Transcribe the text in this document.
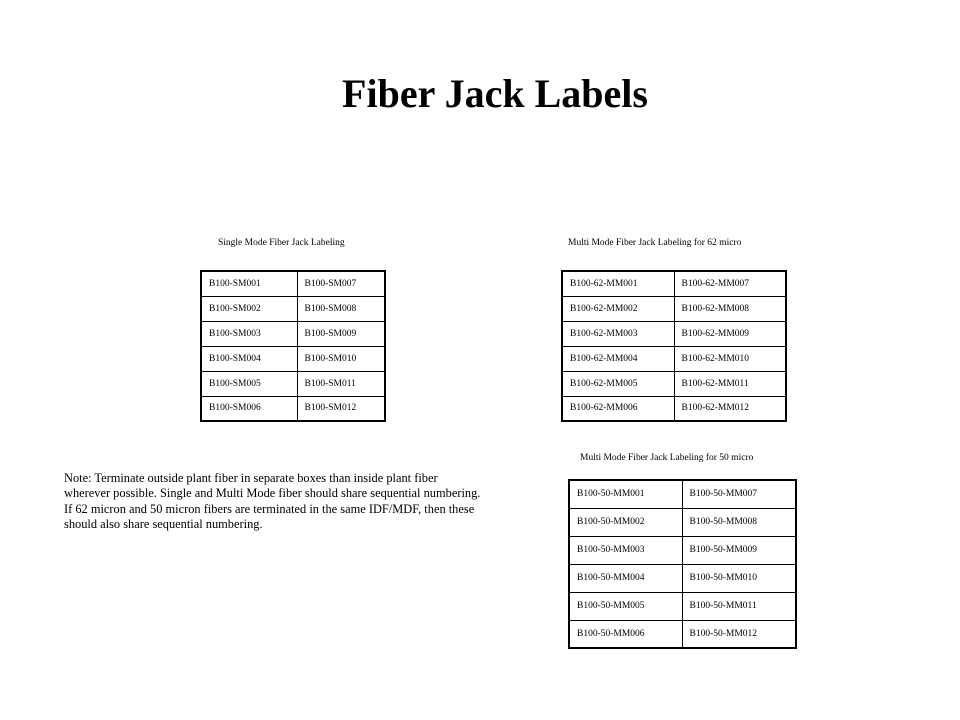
Fiber Jack Labels
Single Mode Fiber Jack Labeling
B100-SM001	B100-SM007
B100-SM002	B100-SM008
B100-SM003	B100-SM009
B100-SM004	B100-SM010
B100-SM005	B100-SM011
B100-SM006	B100-SM012
Multi Mode Fiber Jack Labeling for 62 micro
B100-62-MM001	B100-62-MM007
B100-62-MM002	B100-62-MM008
B100-62-MM003	B100-62-MM009
B100-62-MM004	B100-62-MM010
B100-62-MM005	B100-62-MM011
B100-62-MM006	B100-62-MM012

Note: Terminate outside plant fiber in separate boxes than inside plant fiber wherever possible. Single and Multi Mode fiber should share sequential numbering. If 62 micron and 50 micron fibers are terminated in the same IDF/MDF, then these should also share sequential numbering.

Multi Mode Fiber Jack Labeling for 50 micro
B100-50-MM001	B100-50-MM007
B100-50-MM002	B100-50-MM008
B100-50-MM003	B100-50-MM009
B100-50-MM004	B100-50-MM010
B100-50-MM005	B100-50-MM011
B100-50-MM006	B100-50-MM012
